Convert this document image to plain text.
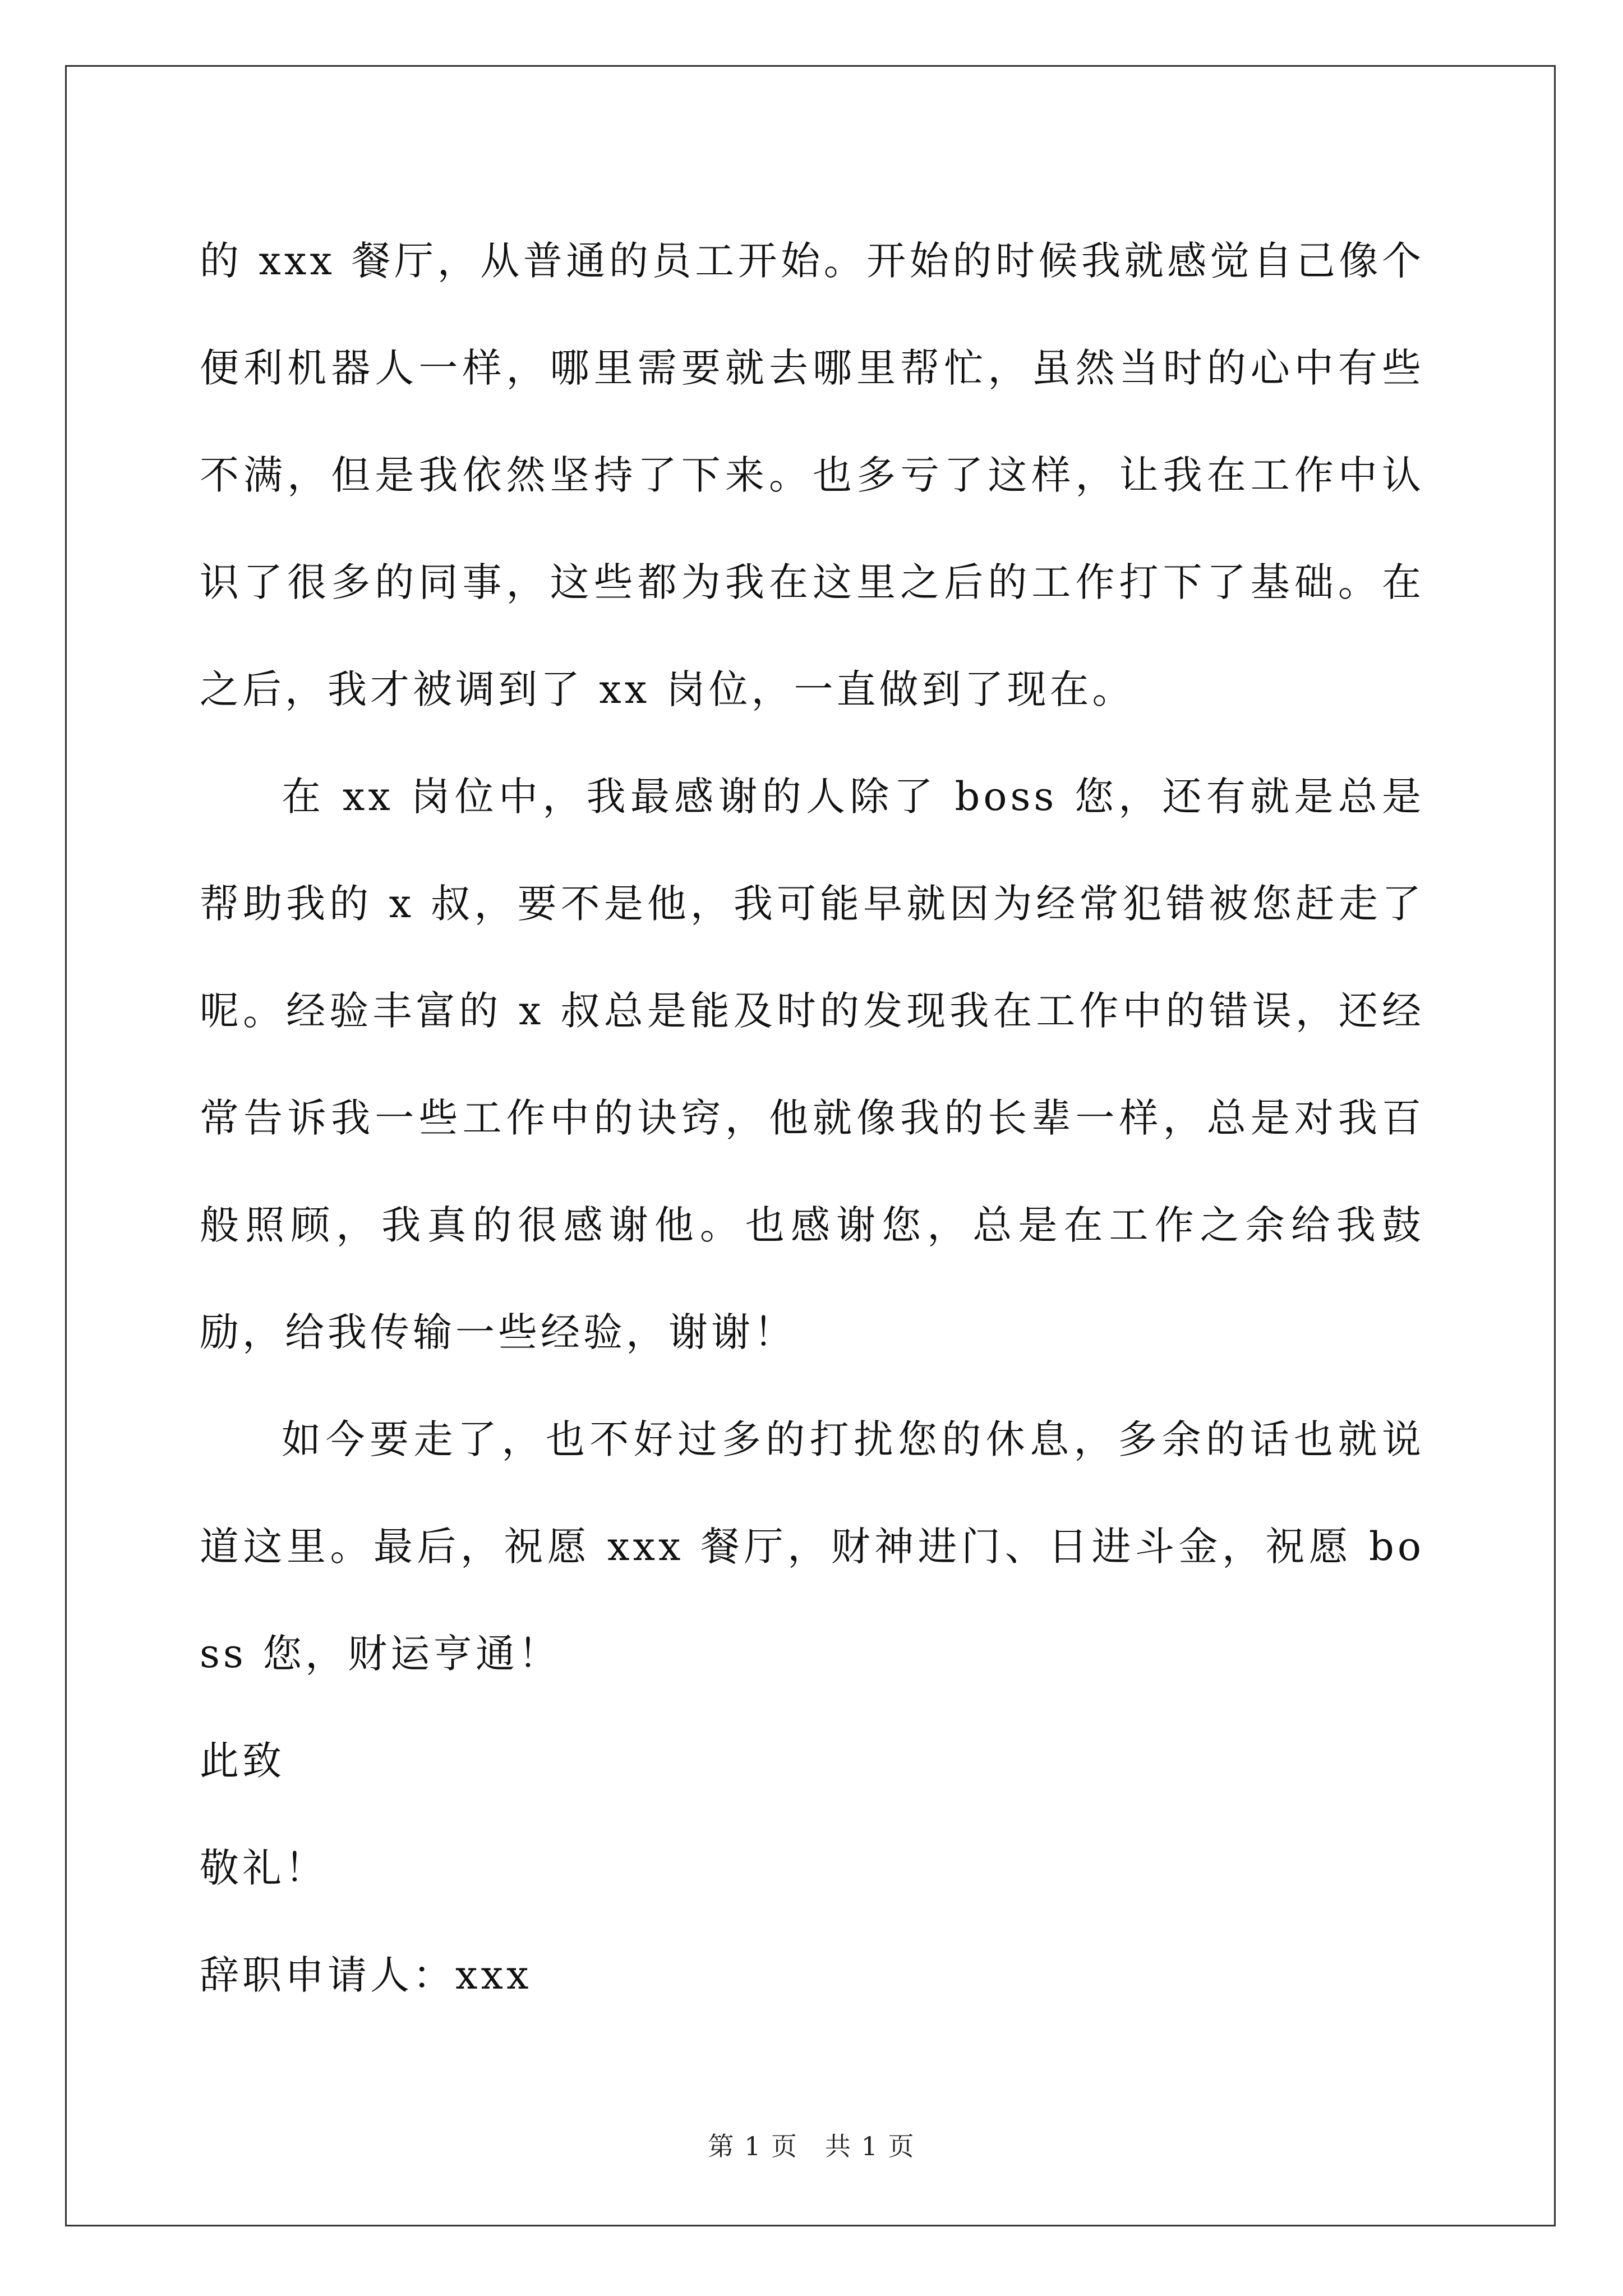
的 xxx 餐厅，从普通的员工开始。开始的时候我就感觉自己像个便利机器人一样，哪里需要就去哪里帮忙，虽然当时的心中有些不满，但是我依然坚持了下来。也多亏了这样，让我在工作中认识了很多的同事，这些都为我在这里之后的工作打下了基础。在之后，我才被调到了 xx 岗位，一直做到了现在。

在 xx 岗位中，我最感谢的人除了 boss 您，还有就是总是帮助我的 x 叔，要不是他，我可能早就因为经常犯错被您赶走了呢。经验丰富的 x 叔总是能及时的发现我在工作中的错误，还经常告诉我一些工作中的诀窍，他就像我的长辈一样，总是对我百般照顾，我真的很感谢他。也感谢您，总是在工作之余给我鼓励，给我传输一些经验，谢谢！

如今要走了，也不好过多的打扰您的休息，多余的话也就说道这里。最后，祝愿 xxx 餐厅，财神进门、日进斗金，祝愿 boss 您，财运亨通！

此致

敬礼！

辞职申请人：xxx

第 1 页　共 1 页
